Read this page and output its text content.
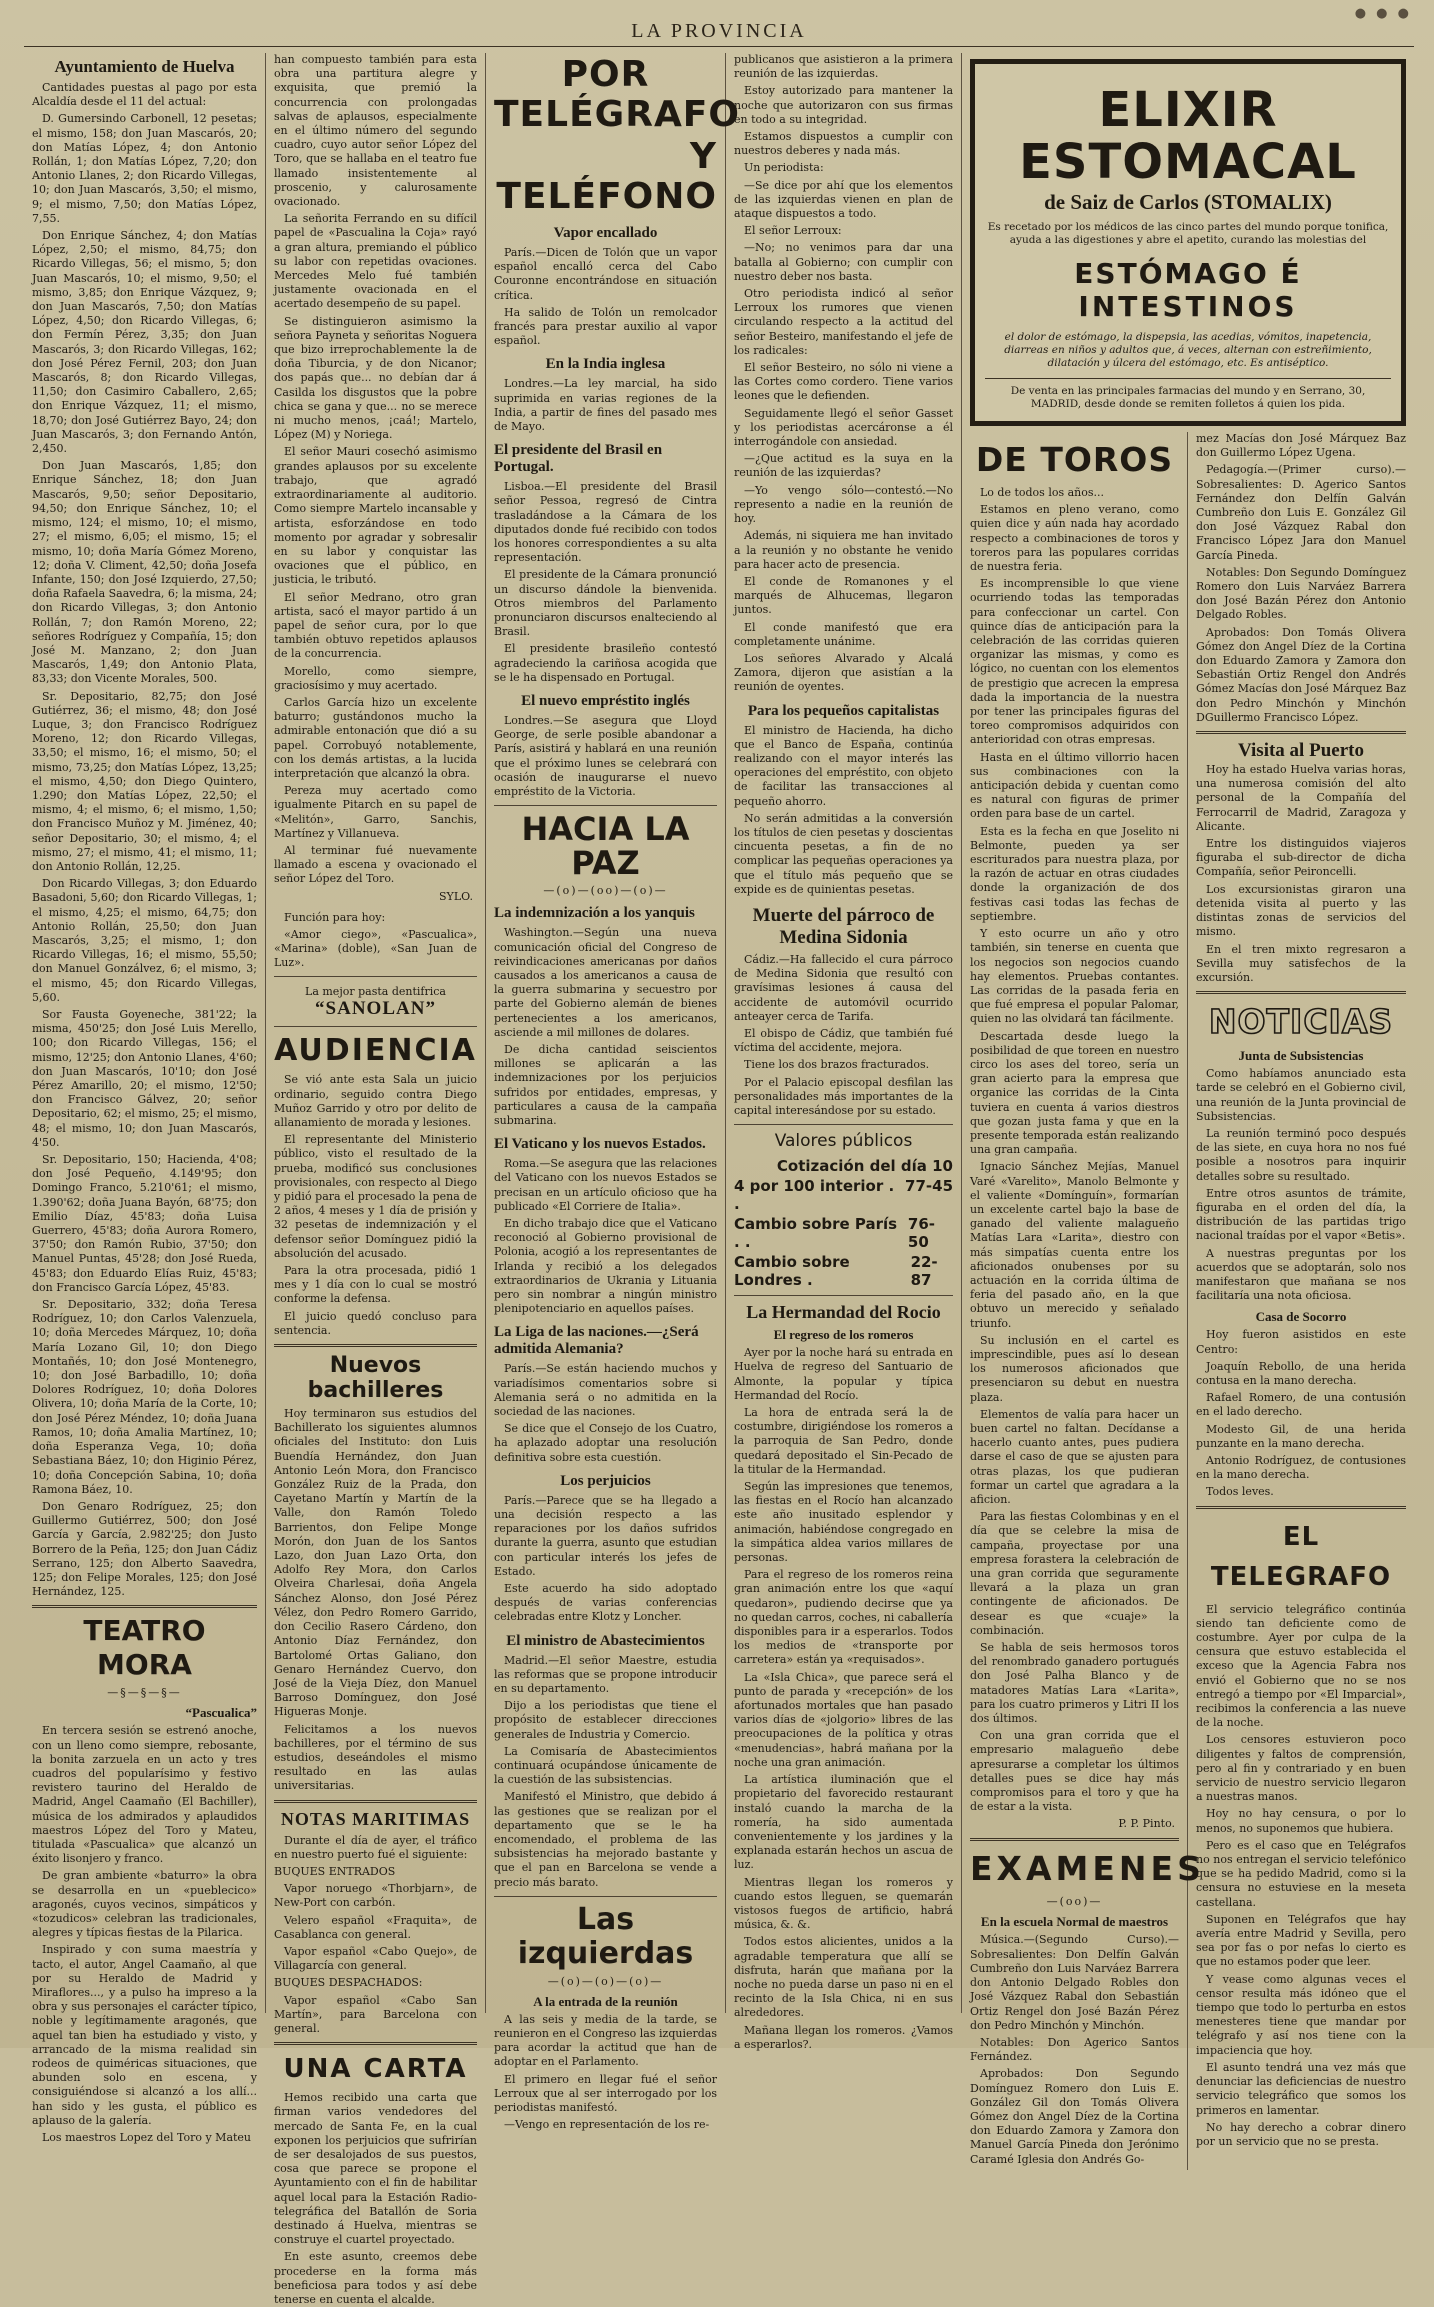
● ● ●
LA PROVINCIA
Ayuntamiento de Huelva

Cantidades puestas al pago por esta Alcaldía desde el 11 del actual:

D. Gumersindo Carbonell, 12 pesetas; el mismo, 158; don Juan Mascarós, 20; don Matías López, 4; don Antonio Rollán, 1; don Matías López, 7,20; don Antonio Llanes, 2; don Ricardo Villegas, 10; don Juan Mascarós, 3,50; el mismo, 9; el mismo, 7,50; don Matías López, 7,55.

Don Enrique Sánchez, 4; don Matías López, 2,50; el mismo, 84,75; don Ricardo Villegas, 56; el mismo, 5; don Juan Mascarós, 10; el mismo, 9,50; el mismo, 3,85; don Enrique Vázquez, 9; don Juan Mascarós, 7,50; don Matías López, 4,50; don Ricardo Villegas, 6; don Fermín Pérez, 3,35; don Juan Mascarós, 3; don Ricardo Villegas, 162; don José Pérez Fernil, 203; don Juan Mascarós, 8; don Ricardo Villegas, 11,50; don Casimiro Caballero, 2,65; don Enrique Vázquez, 11; el mismo, 18,70; don José Gutiérrez Bayo, 24; don Juan Mascarós, 3; don Fernando Antón, 2,450.

Don Juan Mascarós, 1,85; don Enrique Sánchez, 18; don Juan Mascarós, 9,50; señor Depositario, 94,50; don Enrique Sánchez, 10; el mismo, 124; el mismo, 10; el mismo, 27; el mismo, 6,05; el mismo, 15; el mismo, 10; doña María Gómez Moreno, 12; doña V. Climent, 42,50; doña Josefa Infante, 150; don José Izquierdo, 27,50; doña Rafaela Saavedra, 6; la misma, 24; don Ricardo Villegas, 3; don Antonio Rollán, 7; don Ramón Moreno, 22; señores Rodríguez y Compañía, 15; don José M. Manzano, 2; don Juan Mascarós, 1,49; don Antonio Plata, 83,33; don Vicente Morales, 500.

Sr. Depositario, 82,75; don José Gutiérrez, 36; el mismo, 48; don José Luque, 3; don Francisco Rodríguez Moreno, 12; don Ricardo Villegas, 33,50; el mismo, 16; el mismo, 50; el mismo, 73,25; don Matías López, 13,25; el mismo, 4,50; don Diego Quintero, 1.290; don Matías López, 22,50; el mismo, 4; el mismo, 6; el mismo, 1,50; don Francisco Muñoz y M. Jiménez, 40; señor Depositario, 30; el mismo, 4; el mismo, 27; el mismo, 41; el mismo, 11; don Antonio Rollán, 12,25.

Don Ricardo Villegas, 3; don Eduardo Basadoni, 5,60; don Ricardo Villegas, 1; el mismo, 4,25; el mismo, 64,75; don Antonio Rollán, 25,50; don Juan Mascarós, 3,25; el mismo, 1; don Ricardo Villegas, 16; el mismo, 55,50; don Manuel Gonzálvez, 6; el mismo, 3; el mismo, 45; don Ricardo Villegas, 5,60.

Sor Fausta Goyeneche, 381'22; la misma, 450'25; don José Luis Merello, 100; don Ricardo Villegas, 156; el mismo, 12'25; don Antonio Llanes, 4'60; don Juan Mascarós, 10'10; don José Pérez Amarillo, 20; el mismo, 12'50; don Francisco Gálvez, 20; señor Depositario, 62; el mismo, 25; el mismo, 48; el mismo, 10; don Juan Mascarós, 4'50.

Sr. Depositario, 150; Hacienda, 4'08; don José Pequeño, 4.149'95; don Domingo Franco, 5.210'61; el mismo, 1.390'62; doña Juana Bayón, 68'75; don Emilio Díaz, 45'83; doña Luisa Guerrero, 45'83; doña Aurora Romero, 37'50; don Ramón Rubio, 37'50; don Manuel Puntas, 45'28; don José Rueda, 45'83; don Eduardo Elías Ruiz, 45'83; don Francisco García López, 45'83.

Sr. Depositario, 332; doña Teresa Rodríguez, 10; don Carlos Valenzuela, 10; doña Mercedes Márquez, 10; doña María Lozano Gil, 10; don Diego Montañés, 10; don José Montenegro, 10; don José Barbadillo, 10; doña Dolores Rodríguez, 10; doña Dolores Olivera, 10; doña María de la Corte, 10; don José Pérez Méndez, 10; doña Juana Ramos, 10; doña Amalia Martínez, 10; doña Esperanza Vega, 10; doña Sebastiana Báez, 10; don Higinio Pérez, 10; doña Concepción Sabina, 10; doña Ramona Báez, 10.

Don Genaro Rodríguez, 25; don Guillermo Gutiérrez, 500; don José García y García, 2.982'25; don Justo Borrero de la Peña, 125; don Juan Cádiz Serrano, 125; don Alberto Saavedra, 125; don Felipe Morales, 125; don José Hernández, 125.

TEATRO MORA
—§—§—§—
“Pascualica”

En tercera sesión se estrenó anoche, con un lleno como siempre, rebosante, la bonita zarzuela en un acto y tres cuadros del popularísimo y festivo revistero taurino del Heraldo de Madrid, Angel Caamaño (El Bachiller), música de los admirados y aplaudidos maestros López del Toro y Mateu, titulada «Pascualica» que alcanzó un éxito lisonjero y franco.

De gran ambiente «baturro» la obra se desarrolla en un «pueblecico» aragonés, cuyos vecinos, simpáticos y «tozudicos» celebran las tradicionales, alegres y típicas fiestas de la Pilarica.

Inspirado y con suma maestría y tacto, el autor, Angel Caamaño, al que por su Heraldo de Madrid y Miraflores..., y a pulso ha impreso a la obra y sus personajes el carácter típico, noble y legítimamente aragonés, que aquel tan bien ha estudiado y visto, y arrancado de la misma realidad sin rodeos de quiméricas situaciones, que abunden solo en escena, y consiguiéndose si alcanzó a los allí... han sido y les gusta, el público es aplauso de la galería.

Los maestros Lopez del Toro y Mateu

han compuesto también para esta obra una partitura alegre y exquisita, que premió la concurrencia con prolongadas salvas de aplausos, especialmente en el último número del segundo cuadro, cuyo autor señor López del Toro, que se hallaba en el teatro fue llamado insistentemente al proscenio, y calurosamente ovacionado.

La señorita Ferrando en su difícil papel de «Pascualina la Coja» rayó a gran altura, premiando el público su labor con repetidas ovaciones. Mercedes Melo fué también justamente ovacionada en el acertado desempeño de su papel.

Se distinguieron asimismo la señora Payneta y señoritas Noguera que bizo irreprochablemente la de doña Tiburcia, y de don Nicanor; dos papás que... no debían dar á Casilda los disgustos que la pobre chica se gana y que... no se merece ni mucho menos, ¡caá!; Martelo, López (M) y Noriega.

El señor Mauri cosechó asimismo grandes aplausos por su excelente trabajo, que agradó extraordinariamente al auditorio. Como siempre Martelo incansable y artista, esforzándose en todo momento por agradar y sobresalir en su labor y conquistar las ovaciones que el público, en justicia, le tributó.

El señor Medrano, otro gran artista, sacó el mayor partido á un papel de señor cura, por lo que también obtuvo repetidos aplausos de la concurrencia.

Morello, como siempre, graciosísimo y muy acertado.

Carlos García hizo un excelente baturro; gustándonos mucho la admirable entonación que dió a su papel. Corrobuyó notablemente, con los demás artistas, a la lucida interpretación que alcanzó la obra.

Pereza muy acertado como igualmente Pitarch en su papel de «Melitón», Garro, Sanchis, Martínez y Villanueva.

Al terminar fué nuevamente llamado a escena y ovacionado el señor López del Toro.

SYLO.

Función para hoy:

«Amor ciego», «Pascualica», «Marina» (doble), «San Juan de Luz».

La mejor pasta dentifrica
“SANOLAN”
AUDIENCIA

Se vió ante esta Sala un juicio ordinario, seguido contra Diego Muñoz Garrido y otro por delito de allanamiento de morada y lesiones.

El representante del Ministerio público, visto el resultado de la prueba, modificó sus conclusiones provisionales, con respecto al Diego y pidió para el procesado la pena de 2 años, 4 meses y 1 día de prisión y 32 pesetas de indemnización y el defensor señor Domínguez pidió la absolución del acusado.

Para la otra procesada, pidió 1 mes y 1 día con lo cual se mostró conforme la defensa.

El juicio quedó concluso para sentencia.

Nuevos bachilleres

Hoy terminaron sus estudios del Bachillerato los siguientes alumnos oficiales del Instituto: don Luis Buendía Hernández, don Juan Antonio León Mora, don Francisco González Ruiz de la Prada, don Cayetano Martín y Martín de la Valle, don Ramón Toledo Barrientos, don Felipe Monge Morón, don Juan de los Santos Lazo, don Juan Lazo Orta, don Adolfo Rey Mora, don Carlos Olveira Charlesai, doña Angela Sánchez Alonso, don José Pérez Vélez, don Pedro Romero Garrido, don Cecilio Rasero Cárdeno, don Antonio Díaz Fernández, don Bartolomé Ortas Galiano, don Genaro Hernández Cuervo, don José de la Vieja Díez, don Manuel Barroso Domínguez, don José Higueras Monje.

Felicitamos a los nuevos bachilleres, por el término de sus estudios, deseándoles el mismo resultado en las aulas universitarias.

NOTAS MARITIMAS

Durante el día de ayer, el tráfico en nuestro puerto fué el siguiente:

BUQUES ENTRADOS

Vapor noruego «Thorbjarn», de New-Port con carbón.

Velero español «Fraquita», de Casablanca con general.

Vapor español «Cabo Quejo», de Villagarcía con general.

BUQUES DESPACHADOS:

Vapor español «Cabo San Martín», para Barcelona con general.

UNA CARTA

Hemos recibido una carta que firman varios vendedores del mercado de Santa Fe, en la cual exponen los perjuicios que sufrirían de ser desalojados de sus puestos, cosa que parece se propone el Ayuntamiento con el fin de habilitar aquel local para la Estación Radio-telegráfica del Batallón de Soria destinado á Huelva, mientras se construye el cuartel proyectado.

En este asunto, creemos debe procederse en la forma más beneficiosa para todos y así debe tenerse en cuenta el alcalde.

POR TELÉGRAFO
Y TELÉFONO
Vapor encallado

París.—Dicen de Tolón que un vapor español encalló cerca del Cabo Couronne encontrándose en situación crítica.

Ha salido de Tolón un remolcador francés para prestar auxilio al vapor español.

En la India inglesa

Londres.—La ley marcial, ha sido suprimida en varias regiones de la India, a partir de fines del pasado mes de Mayo.

El presidente del Brasil en Portugal.

Lisboa.—El presidente del Brasil señor Pessoa, regresó de Cintra trasladándose a la Cámara de los diputados donde fué recibido con todos los honores correspondientes a su alta representación.

El presidente de la Cámara pronunció un discurso dándole la bienvenida. Otros miembros del Parlamento pronunciaron discursos enalteciendo al Brasil.

El presidente brasileño contestó agradeciendo la cariñosa acogida que se le ha dispensado en Portugal.

El nuevo empréstito inglés

Londres.—Se asegura que Lloyd George, de serle posible abandonar a París, asistirá y hablará en una reunión que el próximo lunes se celebrará con ocasión de inaugurarse el nuevo empréstito de la Victoria.

HACIA LA PAZ
—(o)—(oo)—(o)—
La indemnización a los yanquis

Washington.—Según una nueva comunicación oficial del Congreso de reivindicaciones americanas por daños causados a los americanos a causa de la guerra submarina y secuestro por parte del Gobierno alemán de bienes pertenecientes a los americanos, asciende a mil millones de dolares.

De dicha cantidad seiscientos millones se aplicarán a las indemnizaciones por los perjuicios sufridos por entidades, empresas, y particulares a causa de la campaña submarina.

El Vaticano y los nuevos Estados.

Roma.—Se asegura que las relaciones del Vaticano con los nuevos Estados se precisan en un artículo oficioso que ha publicado «El Corriere de Italia».

En dicho trabajo dice que el Vaticano reconoció al Gobierno provisional de Polonia, acogió a los representantes de Irlanda y recibió a los delegados extraordinarios de Ukrania y Lituania pero sin nombrar a ningún ministro plenipotenciario en aquellos países.

La Liga de las naciones.—¿Será admitida Alemania?

París.—Se están haciendo muchos y variadísimos comentarios sobre si Alemania será o no admitida en la sociedad de las naciones.

Se dice que el Consejo de los Cuatro, ha aplazado adoptar una resolución definitiva sobre esta cuestión.

Los perjuicios

París.—Parece que se ha llegado a una decisión respecto a las reparaciones por los daños sufridos durante la guerra, asunto que estudian con particular interés los jefes de Estado.

Este acuerdo ha sido adoptado después de varias conferencias celebradas entre Klotz y Loncher.

El ministro de Abastecimientos

Madrid.—El señor Maestre, estudia las reformas que se propone introducir en su departamento.

Dijo a los periodistas que tiene el propósito de establecer direcciones generales de Industria y Comercio.

La Comisaría de Abastecimientos continuará ocupándose únicamente de la cuestión de las subsistencias.

Manifestó el Ministro, que debido á las gestiones que se realizan por el departamento que se le ha encomendado, el problema de las subsistencias ha mejorado bastante y que el pan en Barcelona se vende a precio más barato.

Las izquierdas
—(o)—(o)—(o)—
A la entrada de la reunión

A las seis y media de la tarde, se reunieron en el Congreso las izquierdas para acordar la actitud que han de adoptar en el Parlamento.

El primero en llegar fué el señor Lerroux que al ser interrogado por los periodistas manifestó.

—Vengo en representación de los re-

publicanos que asistieron a la primera reunión de las izquierdas.

Estoy autorizado para mantener la noche que autorizaron con sus firmas en todo a su integridad.

Estamos dispuestos a cumplir con nuestros deberes y nada más.

Un periodista:

—Se dice por ahí que los elementos de las izquierdas vienen en plan de ataque dispuestos a todo.

El señor Lerroux:

—No; no venimos para dar una batalla al Gobierno; con cumplir con nuestro deber nos basta.

Otro periodista indicó al señor Lerroux los rumores que vienen circulando respecto a la actitud del señor Besteiro, manifestando el jefe de los radicales:

El señor Besteiro, no sólo ni viene a las Cortes como cordero. Tiene varios leones que le defienden.

Seguidamente llegó el señor Gasset y los periodistas acercáronse a él interrogándole con ansiedad.

—¿Que actitud es la suya en la reunión de las izquierdas?

—Yo vengo sólo—contestó.—No represento a nadie en la reunión de hoy.

Además, ni siquiera me han invitado a la reunión y no obstante he venido para hacer acto de presencia.

El conde de Romanones y el marqués de Alhucemas, llegaron juntos.

El conde manifestó que era completamente unánime.

Los señores Alvarado y Alcalá Zamora, dijeron que asistían a la reunión de oyentes.

Para los pequeños capitalistas

El ministro de Hacienda, ha dicho que el Banco de España, continúa realizando con el mayor interés las operaciones del empréstito, con objeto de facilitar las transacciones al pequeño ahorro.

No serán admitidas a la conversión los títulos de cien pesetas y doscientas cincuenta pesetas, a fin de no complicar las pequeñas operaciones ya que el título más pequeño que se expide es de quinientas pesetas.

Muerte del párroco de Medina Sidonia

Cádiz.—Ha fallecido el cura párroco de Medina Sidonia que resultó con gravísimas lesiones á causa del accidente de automóvil ocurrido anteayer cerca de Tarifa.

El obispo de Cádiz, que también fué víctima del accidente, mejora.

Tiene los dos brazos fracturados.

Por el Palacio episcopal desfilan las personalidades más importantes de la capital interesándose por su estado.

Valores públicos
Cotización del día 10
4 por 100 interior . .
77-45
Cambio sobre París . .
76-50
Cambio sobre Londres .
22-87
La Hermandad del Rocio
El regreso de los romeros

Ayer por la noche hará su entrada en Huelva de regreso del Santuario de Almonte, la popular y típica Hermandad del Rocío.

La hora de entrada será la de costumbre, dirigiéndose los romeros a la parroquia de San Pedro, donde quedará depositado el Sin-Pecado de la titular de la Hermandad.

Según las impresiones que tenemos, las fiestas en el Rocío han alcanzado este año inusitado esplendor y animación, habiéndose congregado en la simpática aldea varios millares de personas.

Para el regreso de los romeros reina gran animación entre los que «aquí quedaron», pudiendo decirse que ya no quedan carros, coches, ni caballería disponibles para ir a esperarlos. Todos los medios de «transporte por carretera» están ya «requisados».

La «Isla Chica», que parece será el punto de parada y «recepción» de los afortunados mortales que han pasado varios días de «jolgorio» libres de las preocupaciones de la política y otras «menudencias», habrá mañana por la noche una gran animación.

La artística iluminación que el propietario del favorecido restaurant instaló cuando la marcha de la romería, ha sido aumentada convenientemente y los jardines y la explanada estarán hechos un ascua de luz.

Mientras llegan los romeros y cuando estos lleguen, se quemarán vistosos fuegos de artificio, habrá música, &. &.

Todos estos alicientes, unidos a la agradable temperatura que allí se disfruta, harán que mañana por la noche no pueda darse un paso ni en el recinto de la Isla Chica, ni en sus alrededores.

Mañana llegan los romeros. ¿Vamos a esperarlos?.

ELIXIR ESTOMACAL
de Saiz de Carlos (STOMALIX)
Es recetado por los médicos de las cinco partes del mundo porque tonifica, ayuda a las digestiones y abre el apetito, curando las molestias del
ESTÓMAGO É
INTESTINOS
el dolor de estómago, la dispepsia, las acedias, vómitos, inapetencia, diarreas en niños y adultos que, á veces, alternan con estreñimiento, dilatación y úlcera del estómago, etc. Es antiséptico.
De venta en las principales farmacias del mundo y en Serrano, 30, MADRID, desde donde se remiten folletos á quien los pida.
DE TOROS

Lo de todos los años...

Estamos en pleno verano, como quien dice y aún nada hay acordado respecto a combinaciones de toros y toreros para las populares corridas de nuestra feria.

Es incomprensible lo que viene ocurriendo todas las temporadas para confeccionar un cartel. Con quince días de anticipación para la celebración de las corridas quieren organizar las mismas, y como es lógico, no cuentan con los elementos de prestigio que acrecen la empresa dada la importancia de la nuestra por tener las principales figuras del toreo compromisos adquiridos con anterioridad con otras empresas.

Hasta en el último villorrio hacen sus combinaciones con la anticipación debida y cuentan como es natural con figuras de primer orden para base de un cartel.

Esta es la fecha en que Joselito ni Belmonte, pueden ya ser escriturados para nuestra plaza, por la razón de actuar en otras ciudades donde la organización de dos festivas casi todas las fechas de septiembre.

Y esto ocurre un año y otro también, sin tenerse en cuenta que los negocios son negocios cuando hay elementos. Pruebas contantes. Las corridas de la pasada feria en que fué empresa el popular Palomar, quien no las olvidará tan fácilmente.

Descartada desde luego la posibilidad de que toreen en nuestro circo los ases del toreo, sería un gran acierto para la empresa que organice las corridas de la Cinta tuviera en cuenta á varios diestros que gozan justa fama y que en la presente temporada están realizando una gran campaña.

Ignacio Sánchez Mejías, Manuel Varé «Varelito», Manolo Belmonte y el valiente «Domínguín», formarían un excelente cartel bajo la base de ganado del valiente malagueño Matías Lara «Larita», diestro con más simpatías cuenta entre los aficionados onubenses por su actuación en la corrida última de feria del pasado año, en la que obtuvo un merecido y señalado triunfo.

Su inclusión en el cartel es imprescindible, pues así lo desean los numerosos aficionados que presenciaron su debut en nuestra plaza.

Elementos de valía para hacer un buen cartel no faltan. Decídanse a hacerlo cuanto antes, pues pudiera darse el caso de que se ajusten para otras plazas, los que pudieran formar un cartel que agradara a la aficion.

Para las fiestas Colombinas y en el día que se celebre la misa de campaña, proyectase por una empresa forastera la celebración de una gran corrida que seguramente llevará a la plaza un gran contingente de aficionados. De desear es que «cuaje» la combinación.

Se habla de seis hermosos toros del renombrado ganadero portugués don José Palha Blanco y de matadores Matías Lara «Larita», para los cuatro primeros y Litri II los dos últimos.

Con una gran corrida que el empresario malagueño debe apresurarse a completar los últimos detalles pues se dice hay más compromisos para el toro y que ha de estar a la vista.

P. P. Pinto.
EXAMENES
—(oo)—
En la escuela Normal de maestros

Música.—(Segundo Curso).—Sobresalientes: Don Delfín Galván Cumbreño don Luis Narváez Barrera don Antonio Delgado Robles don José Vázquez Rabal don Sebastián Ortiz Rengel don José Bazán Pérez don Pedro Minchón y Minchón.

Notables: Don Agerico Santos Fernández.

Aprobados: Don Segundo Domínguez Romero don Luis E. González Gil don Tomás Olivera Gómez don Angel Díez de la Cortina don Eduardo Zamora y Zamora don Manuel García Pineda don Jerónimo Caramé Iglesia don Andrés Go-

mez Macías don José Márquez Baz don Guillermo López Ugena.

Pedagogía.—(Primer curso).—Sobresalientes: D. Agerico Santos Fernández don Delfín Galván Cumbreño don Luis E. González Gil don José Vázquez Rabal don Francisco López Jara don Manuel García Pineda.

Notables: Don Segundo Domínguez Romero don Luis Narváez Barrera don José Bazán Pérez don Antonio Delgado Robles.

Aprobados: Don Tomás Olivera Gómez don Angel Díez de la Cortina don Eduardo Zamora y Zamora don Sebastián Ortiz Rengel don Andrés Gómez Macías don José Márquez Baz don Pedro Minchón y Minchón DGuillermo Francisco López.

Visita al Puerto

Hoy ha estado Huelva varias horas, una numerosa comisión del alto personal de la Compañía del Ferrocarril de Madrid, Zaragoza y Alicante.

Entre los distinguidos viajeros figuraba el sub-director de dicha Compañía, señor Peironcelli.

Los excursionistas giraron una detenida visita al puerto y las distintas zonas de servicios del mismo.

En el tren mixto regresaron a Sevilla muy satisfechos de la excursión.

NOTICIAS
Junta de Subsistencias

Como habíamos anunciado esta tarde se celebró en el Gobierno civil, una reunión de la Junta provincial de Subsistencias.

La reunión terminó poco después de las siete, en cuya hora no nos fué posible a nosotros para inquirir detalles sobre su resultado.

Entre otros asuntos de trámite, figuraba en el orden del día, la distribución de las partidas trigo nacional traídas por el vapor «Betis».

A nuestras preguntas por los acuerdos que se adoptarán, solo nos manifestaron que mañana se nos facilitaría una nota oficiosa.

Casa de Socorro

Hoy fueron asistidos en este Centro:

Joaquín Rebollo, de una herida contusa en la mano derecha.

Rafael Romero, de una contusión en el lado derecho.

Modesto Gil, de una herida punzante en la mano derecha.

Antonio Rodríguez, de contusiones en la mano derecha.

Todos leves.

EL TELEGRAFO

El servicio telegráfico continúa siendo tan deficiente como de costumbre. Ayer por culpa de la censura que estuvo establecida el exceso que la Agencia Fabra nos envió el Gobierno que no se nos entregó a tiempo por «El Imparcial», recibimos la conferencia a las nueve de la noche.

Los censores estuvieron poco diligentes y faltos de comprensión, pero al fin y contrariado y en buen servicio de nuestro servicio llegaron a nuestras manos.

Hoy no hay censura, o por lo menos, no suponemos que hubiera.

Pero es el caso que en Telégrafos no nos entregan el servicio telefónico que se ha pedido Madrid, como si la censura no estuviese en la meseta castellana.

Suponen en Telégrafos que hay avería entre Madrid y Sevilla, pero sea por fas o por nefas lo cierto es que no estamos poder que leer.

Y vease como algunas veces el censor resulta más idóneo que el tiempo que todo lo perturba en estos menesteres tiene que mandar por telégrafo y así nos tiene con la impaciencia que hoy.

El asunto tendrá una vez más que denunciar las deficiencias de nuestro servicio telegráfico que somos los primeros en lamentar.

No hay derecho a cobrar dinero por un servicio que no se presta.
